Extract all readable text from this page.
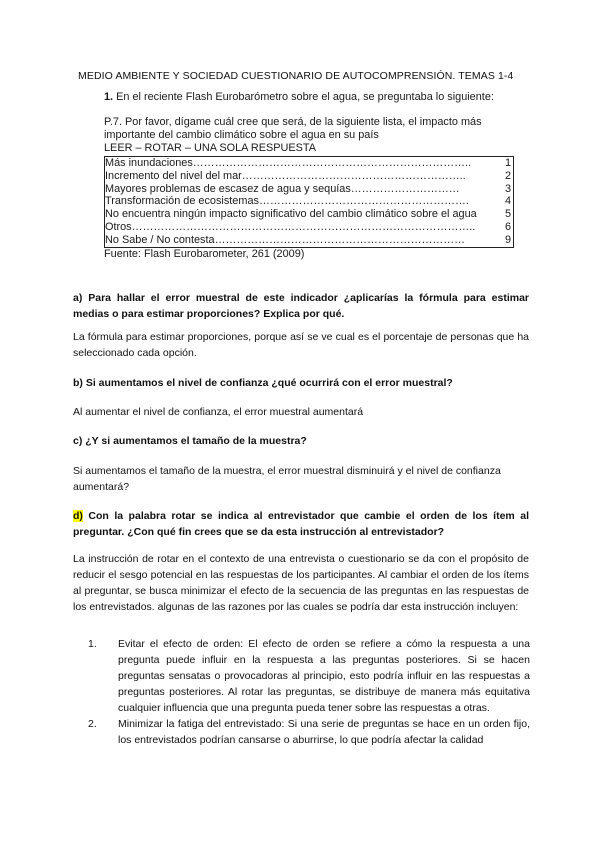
MEDIO AMBIENTE Y SOCIEDAD CUESTIONARIO DE AUTOCOMPRENSIÓN. TEMAS 1-4

1. En el reciente Flash Eurobarómetro sobre el agua, se preguntaba lo siguiente:

P.7. Por favor, dígame cuál cree que será, de la siguiente lista, el impacto más importante del cambio climático sobre el agua en su país

LEER – ROTAR – UNA SOLA RESPUESTA

Más inundaciones…………………………………………………………………..	1
Incremento del nivel del mar……………………………………………………..	2
Mayores problemas de escasez de agua y sequías…………………………	3
Transformación de ecosistemas………………………………………………….	4
No encuentra ningún impacto significativo del cambio climático sobre el agua	5
Otros…………………………………………………………………………………..	6
No Sabe / No contesta……………………………………………………………	9

Fuente: Flash Eurobarometer, 261 (2009)

a) Para hallar el error muestral de este indicador ¿aplicarías la fórmula para estimar medias o para estimar proporciones? Explica por qué.
La fórmula para estimar proporciones, porque así se ve cual es el porcentaje de personas que ha seleccionado cada opción.
b) Si aumentamos el nivel de confianza ¿qué ocurrirá con el error muestral?
Al aumentar el nivel de confianza, el error muestral aumentará
c) ¿Y si aumentamos el tamaño de la muestra?
Si aumentamos el tamaño de la muestra, el error muestral disminuirá y el nivel de confianza aumentará?
d) Con la palabra rotar se indica al entrevistador que cambie el orden de los ítem al preguntar. ¿Con qué fin crees que se da esta instrucción al entrevistador?
La instrucción de rotar en el contexto de una entrevista o cuestionario se da con el propósito de reducir el sesgo potencial en las respuestas de los participantes. Al cambiar el orden de los ítems al preguntar, se busca minimizar el efecto de la secuencia de las preguntas en las respuestas de los entrevistados. algunas de las razones por las cuales se podría dar esta instrucción incluyen:
1. Evitar el efecto de orden: El efecto de orden se refiere a cómo la respuesta a una pregunta puede influir en la respuesta a las preguntas posteriores. Si se hacen preguntas sensatas o provocadoras al principio, esto podría influir en las respuestas a preguntas posteriores. Al rotar las preguntas, se distribuye de manera más equitativa cualquier influencia que una pregunta pueda tener sobre las respuestas a otras.
2. Minimizar la fatiga del entrevistado: Si una serie de preguntas se hace en un orden fijo, los entrevistados podrían cansarse o aburrirse, lo que podría afectar la calidad
